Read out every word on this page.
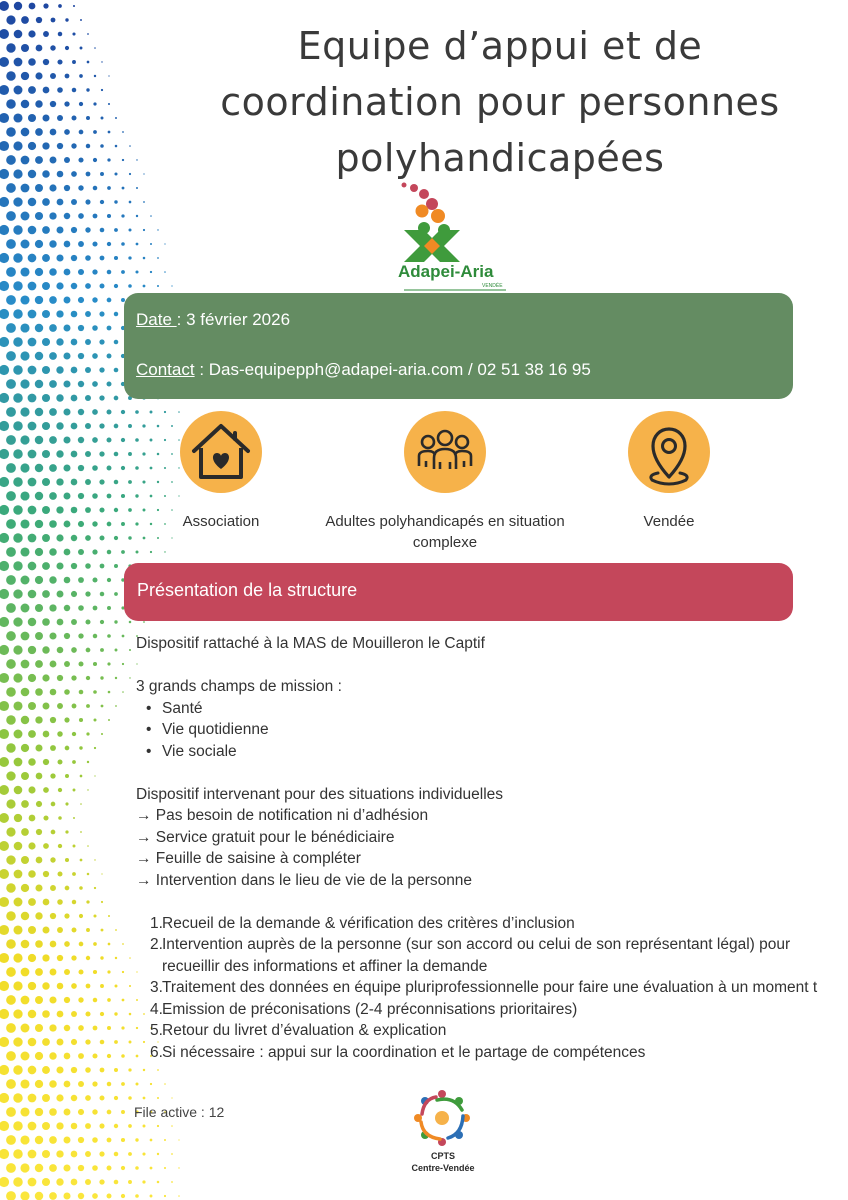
Equipe d’appui et de
coordination pour personnes
polyhandicapées
Adapei-Aria
VENDÉE
Date : 3 février 2026
Contact : Das-equipepph@adapei-aria.com / 02 51 38 16 95
Association	Adultes polyhandicapés en situation complexe
Vendée
Présentation de la structure

Dispositif rattaché à la MAS de Mouilleron le Captif

3 grands champs de mission :

• Santé
• Vie quotidienne
• Vie sociale

Dispositif intervenant pour des situations individuelles

→ Pas besoin de notification ni d’adhésion

→ Service gratuit pour le bénédiciaire

→ Feuille de saisine à compléter

→ Intervention dans le lieu de vie de la personne

1. Recueil de la demande & vérification des critères d’inclusion
2. Intervention auprès de la personne (sur son accord ou celui de son représentant légal) pour recueillir des informations et affiner la demande
3. Traitement des données en équipe pluriprofessionnelle pour faire une évaluation à un moment t
4. Emission de préconisations (2-4 préconnisations prioritaires)
5. Retour du livret d’évaluation & explication
6. Si nécessaire : appui sur la coordination et le partage de compétences
File active : 12
CPTS
Centre-Vendée
